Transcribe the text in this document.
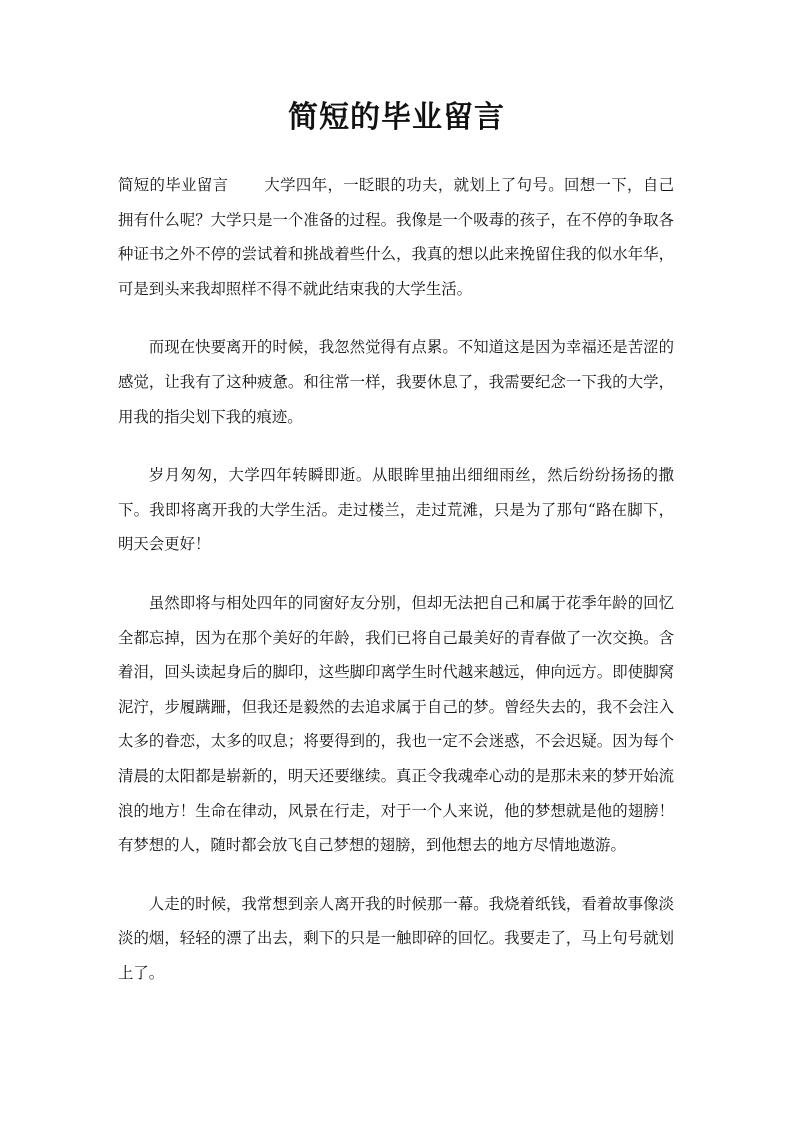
简短的毕业留言

简短的毕业留言 大学四年，一眨眼的功夫，就划上了句号。回想一下，自己拥有什么呢？大学只是一个准备的过程。我像是一个吸毒的孩子，在不停的争取各种证书之外不停的尝试着和挑战着些什么，我真的想以此来挽留住我的似水年华，可是到头来我却照样不得不就此结束我的大学生活。

而现在快要离开的时候，我忽然觉得有点累。不知道这是因为幸福还是苦涩的感觉，让我有了这种疲惫。和往常一样，我要休息了，我需要纪念一下我的大学，用我的指尖划下我的痕迹。

岁月匆匆，大学四年转瞬即逝。从眼眸里抽出细细雨丝，然后纷纷扬扬的撒下。我即将离开我的大学生活。走过楼兰，走过荒滩，只是为了那句“路在脚下，明天会更好！

虽然即将与相处四年的同窗好友分别，但却无法把自己和属于花季年龄的回忆全都忘掉，因为在那个美好的年龄，我们已将自己最美好的青春做了一次交换。含着泪，回头读起身后的脚印，这些脚印离学生时代越来越远，伸向远方。即使脚窝泥泞，步履蹒跚，但我还是毅然的去追求属于自己的梦。曾经失去的，我不会注入太多的眷恋，太多的叹息；将要得到的，我也一定不会迷惑，不会迟疑。因为每个清晨的太阳都是崭新的，明天还要继续。真正令我魂牵心动的是那未来的梦开始流浪的地方！生命在律动，风景在行走，对于一个人来说，他的梦想就是他的翅膀！有梦想的人，随时都会放飞自己梦想的翅膀，到他想去的地方尽情地遨游。

人走的时候，我常想到亲人离开我的时候那一幕。我烧着纸钱，看着故事像淡淡的烟，轻轻的漂了出去，剩下的只是一触即碎的回忆。我要走了，马上句号就划上了。
